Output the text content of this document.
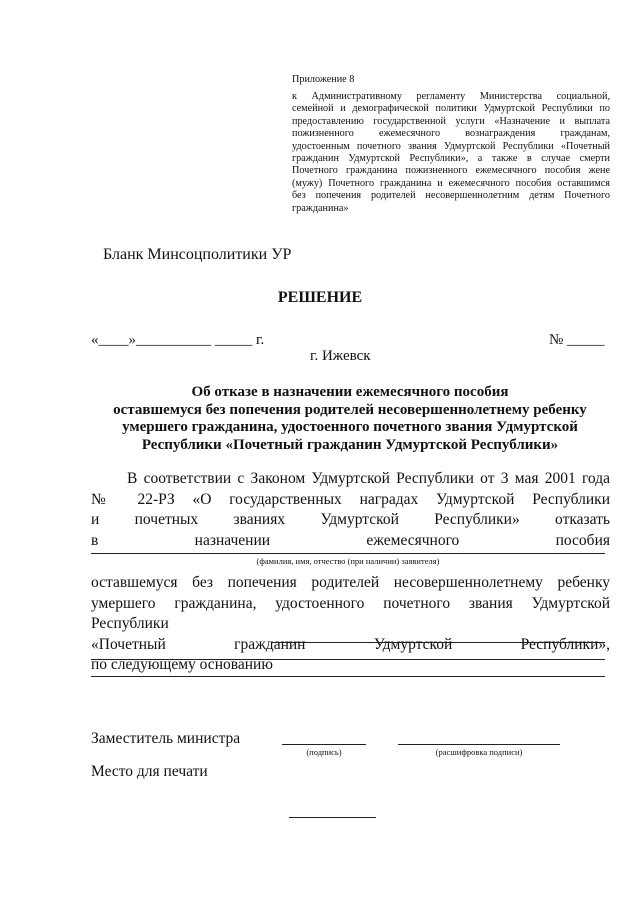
Приложение 8
к Административному регламенту Министерства социальной,
семейной и демографической политики Удмуртской Республики по
предоставлению государственной услуги «Назначение и выплата
пожизненного ежемесячного вознаграждения гражданам,
удостоенным почетного звания Удмуртской Республики «Почетный
гражданин Удмуртской Республики», а также в случае смерти
Почетного гражданина пожизненного ежемесячного пособия жене
(мужу) Почетного гражданина и ежемесячного пособия оставшимся
без попечения родителей несовершеннолетним детям Почетного
гражданина»
Бланк Минсоцполитики УР
РЕШЕНИЕ
«____»__________ _____ г.	№ _____
г. Ижевск
Об отказе в назначении ежемесячного пособия
оставшемуся без попечения родителей несовершеннолетнему ребенку
умершего гражданина, удостоенного почетного звания Удмуртской
Республики «Почетный гражданин Удмуртской Республики»
В соответствии с Законом Удмуртской Республики от 3 мая 2001 года
№ 22-РЗ «О государственных наградах Удмуртской Республики
и почетных званиях Удмуртской Республики» отказать
в назначении ежемесячного пособия
(фамилия, имя, отчество (при наличии) заявителя)
оставшемуся без попечения родителей несовершеннолетнему ребенку
умершего гражданина, удостоенного почетного звания Удмуртской Республики
«Почетный гражданин Удмуртской Республики»,
по следующему основанию
Заместитель министра
(подпись)	(расшифровка подписи)
Место для печати
